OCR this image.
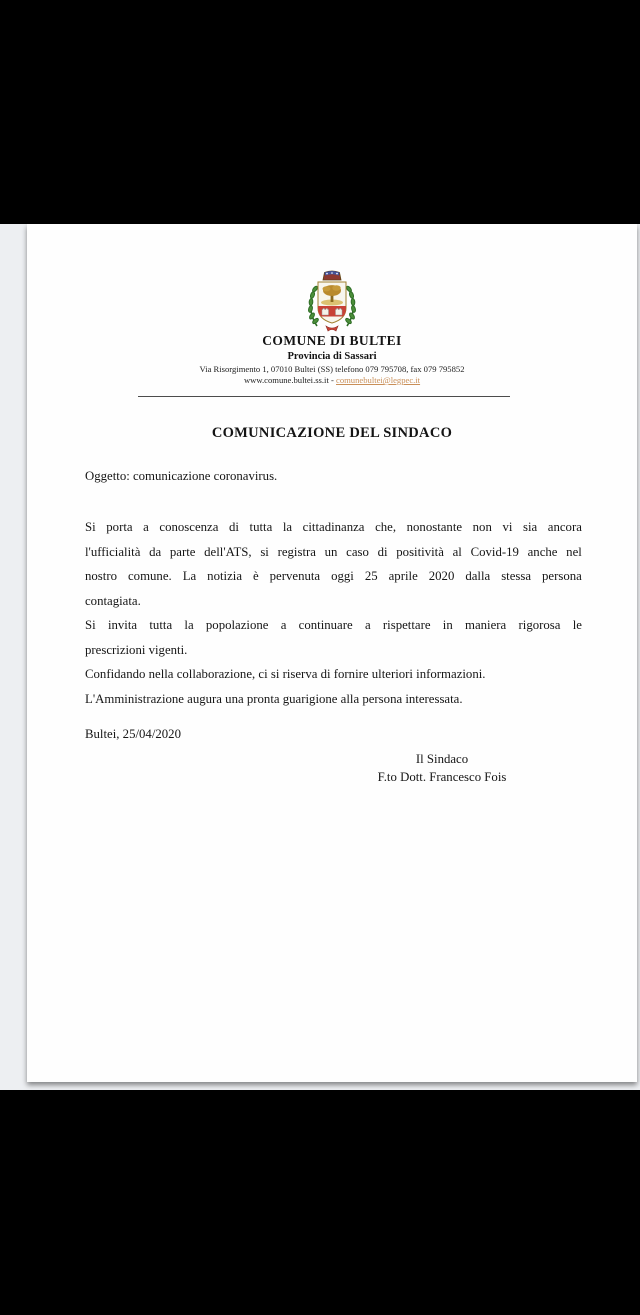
COMUNE DI BULTEI
Provincia di Sassari
Via Risorgimento 1, 07010 Bultei (SS) telefono 079 795708, fax 079 795852
www.comune.bultei.ss.it - comunebultei@legpec.it
COMUNICAZIONE DEL SINDACO
Oggetto: comunicazione coronavirus.
Si porta a conoscenza di tutta la cittadinanza che, nonostante non vi sia ancora
l'ufficialità da parte dell'ATS, si registra un caso di positività al Covid-19 anche nel
nostro comune. La notizia è pervenuta oggi 25 aprile 2020 dalla stessa persona
contagiata.
Si invita tutta la popolazione a continuare a rispettare in maniera rigorosa le
prescrizioni vigenti.
Confidando nella collaborazione, ci si riserva di fornire ulteriori informazioni.
L'Amministrazione augura una pronta guarigione alla persona interessata.
Bultei, 25/04/2020
Il Sindaco
F.to Dott. Francesco Fois
